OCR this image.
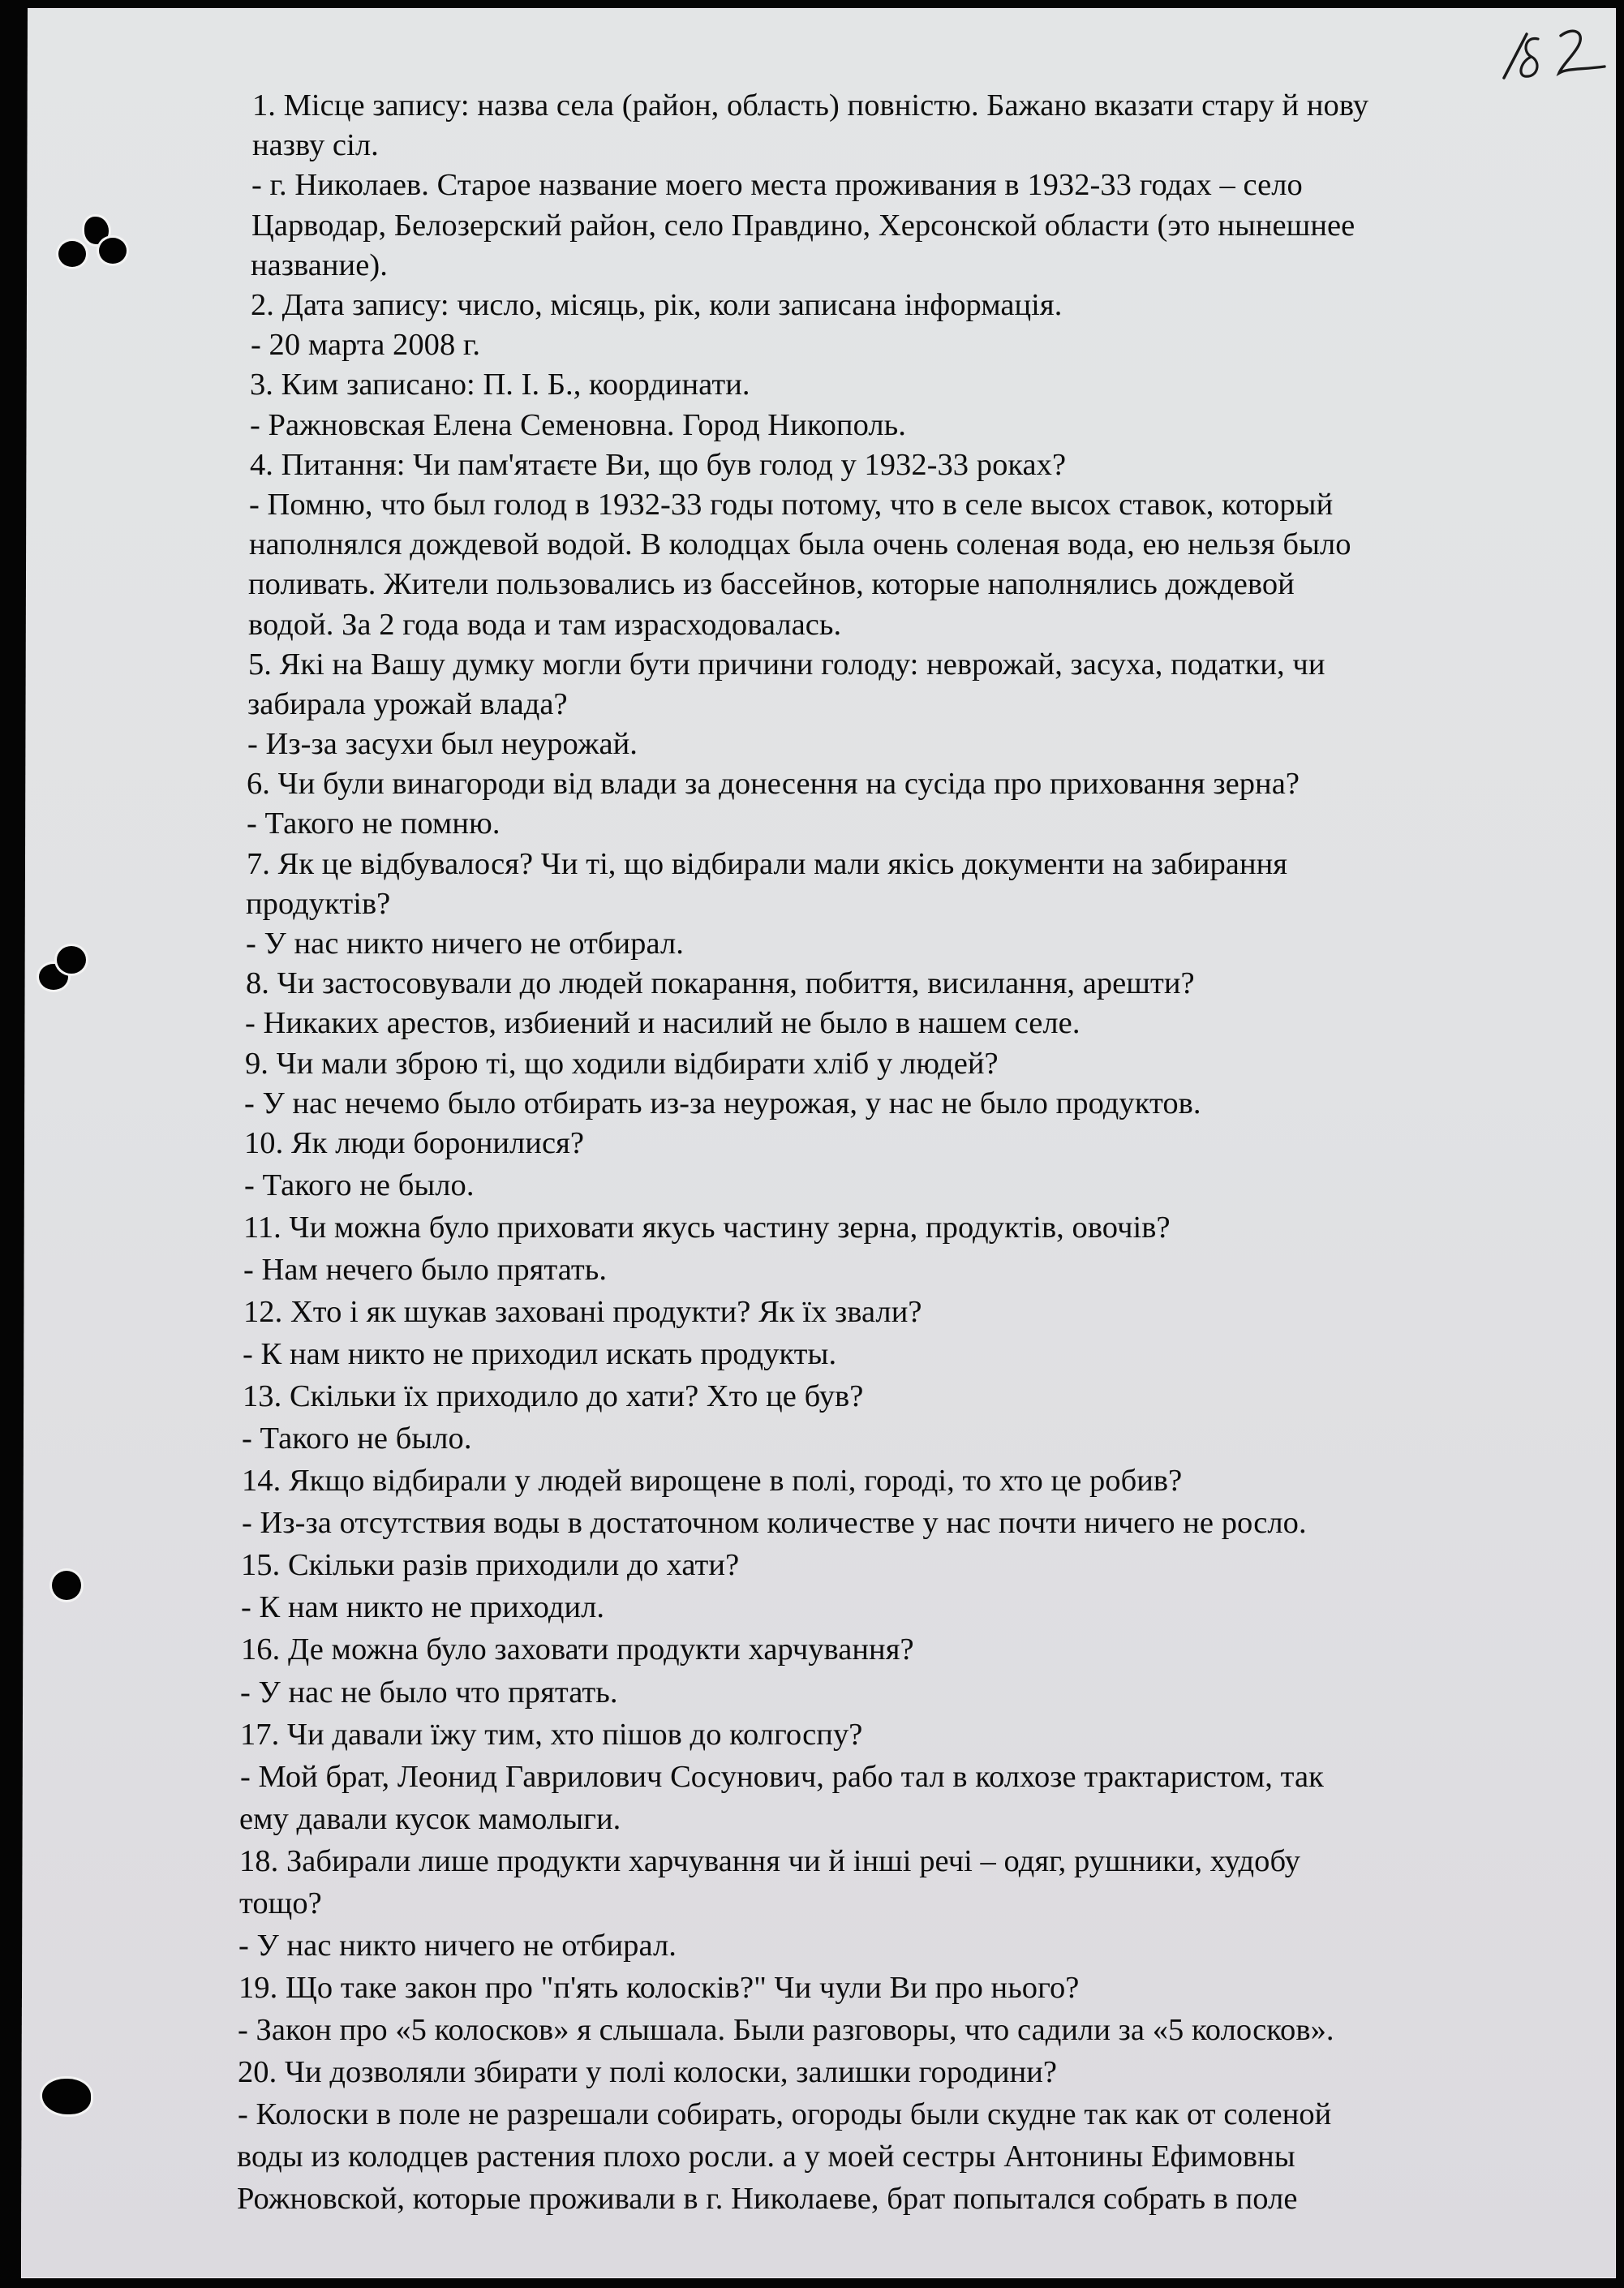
1. Місце запису: назва села (район, область) повністю. Бажано вказати стару й нову
назву сіл.
- г. Николаев. Старое название моего места проживания в 1932-33 годах – село
Царводар, Белозерский район, село Правдино, Херсонской области (это нынешнее
название).
2. Дата запису: число, місяць, рік, коли записана інформація.
- 20 марта 2008 г.
3. Ким записано: П. І. Б., координати.
- Ражновская Елена Семеновна. Город Никополь.
4. Питання: Чи пам'ятаєте Ви, що був голод у 1932-33 роках?
- Помню, что был голод в 1932-33 годы потому, что в селе высох ставок, который
наполнялся дождевой водой. В колодцах была очень соленая вода, ею нельзя было
поливать. Жители пользовались из бассейнов, которые наполнялись дождевой
водой. За 2 года вода и там израсходовалась.
5. Які на Вашу думку могли бути причини голоду: неврожай, засуха, податки, чи
забирала урожай влада?
- Из-за засухи был неурожай.
6. Чи були винагороди від влади за донесення на сусіда про приховання зерна?
- Такого не помню.
7. Як це відбувалося? Чи ті, що відбирали мали якісь документи на забирання
продуктів?
- У нас никто ничего не отбирал.
8. Чи застосовували до людей покарання, побиття, висилання, арешти?
- Никаких арестов, избиений и насилий не было в нашем селе.
9. Чи мали зброю ті, що ходили відбирати хліб у людей?
- У нас нечемо было отбирать из-за неурожая, у нас не было продуктов.
10. Як люди боронилися?
- Такого не было.
11. Чи можна було приховати якусь частину зерна, продуктів, овочів?
- Нам нечего было прятать.
12. Хто і як шукав заховані продукти? Як їх звали?
- К нам никто не приходил искать продукты.
13. Скільки їх приходило до хати? Хто це був?
- Такого не было.
14. Якщо відбирали у людей вирощене в полі, городі, то хто це робив?
- Из-за отсутствия воды в достаточном количестве у нас почти ничего не росло.
15. Скільки разів приходили до хати?
- К нам никто не приходил.
16. Де можна було заховати продукти харчування?
- У нас не было что прятать.
17. Чи давали їжу тим, хто пішов до колгоспу?
- Мой брат, Леонид Гаврилович Сосунович, рабо тал в колхозе трактаристом, так
ему давали кусок мамолыги.
18. Забирали лише продукти харчування чи й інші речі – одяг, рушники, худобу
тощо?
- У нас никто ничего не отбирал.
19. Що таке закон про "п'ять колосків?" Чи чули Ви про нього?
- Закон про «5 колосков» я слышала. Были разговоры, что садили за «5 колосков».
20. Чи дозволяли збирати у полі колоски, залишки городини?
- Колоски в поле не разрешали собирать, огороды были скудне так как от соленой
воды из колодцев растения плохо росли. а у моей сестры Антонины Ефимовны
Рожновской, которые проживали в г. Николаеве, брат попытался собрать в поле
